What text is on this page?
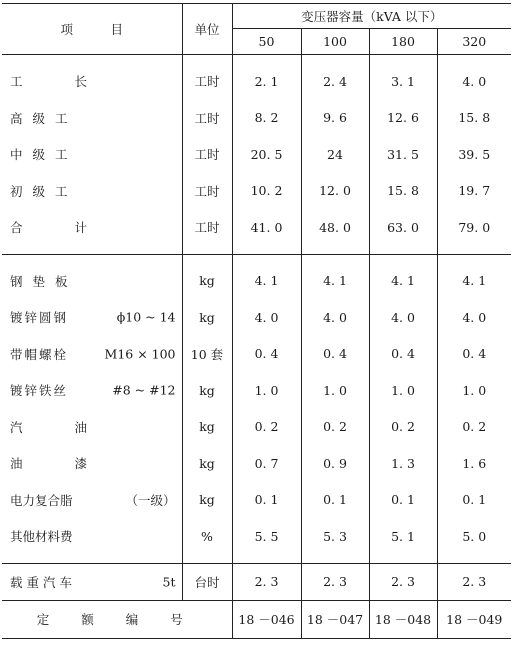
项　　　目	单位	变压器容量（kVA 以下）			
		50	100	180	320

工　　长	工时	2. 1	2. 4	3. 1	4. 0
高 级 工	工时	8. 2	9. 6	12. 6	15. 8
中 级 工	工时	20. 5	24	31. 5	39. 5
初 级 工	工时	10. 2	12. 0	15. 8	19. 7
合　　计	工时	41. 0	48. 0	63. 0	79. 0

钢 垫 板	kg	4. 1	4. 1	4. 1	4. 1
镀锌圆钢 ϕ10 ~ 14	kg	4. 0	4. 0	4. 0	4. 0
带帽螺栓 M16 × 100	10 套	0. 4	0. 4	0. 4	0. 4
镀锌铁丝 #8 ~ #12	kg	1. 0	1. 0	1. 0	1. 0
汽　　油	kg	0. 2	0. 2	0. 2	0. 2
油　　漆	kg	0. 7	0. 9	1. 3	1. 6
电力复合脂 （一级）	kg	0. 1	0. 1	0. 1	0. 1
其他材料费	%	5. 5	5. 3	5. 1	5. 0

载重汽车 5t	台时	2. 3	2. 3	2. 3	2. 3
定 额 编 号		18 －046	18 －047	18 －048	18 －049
